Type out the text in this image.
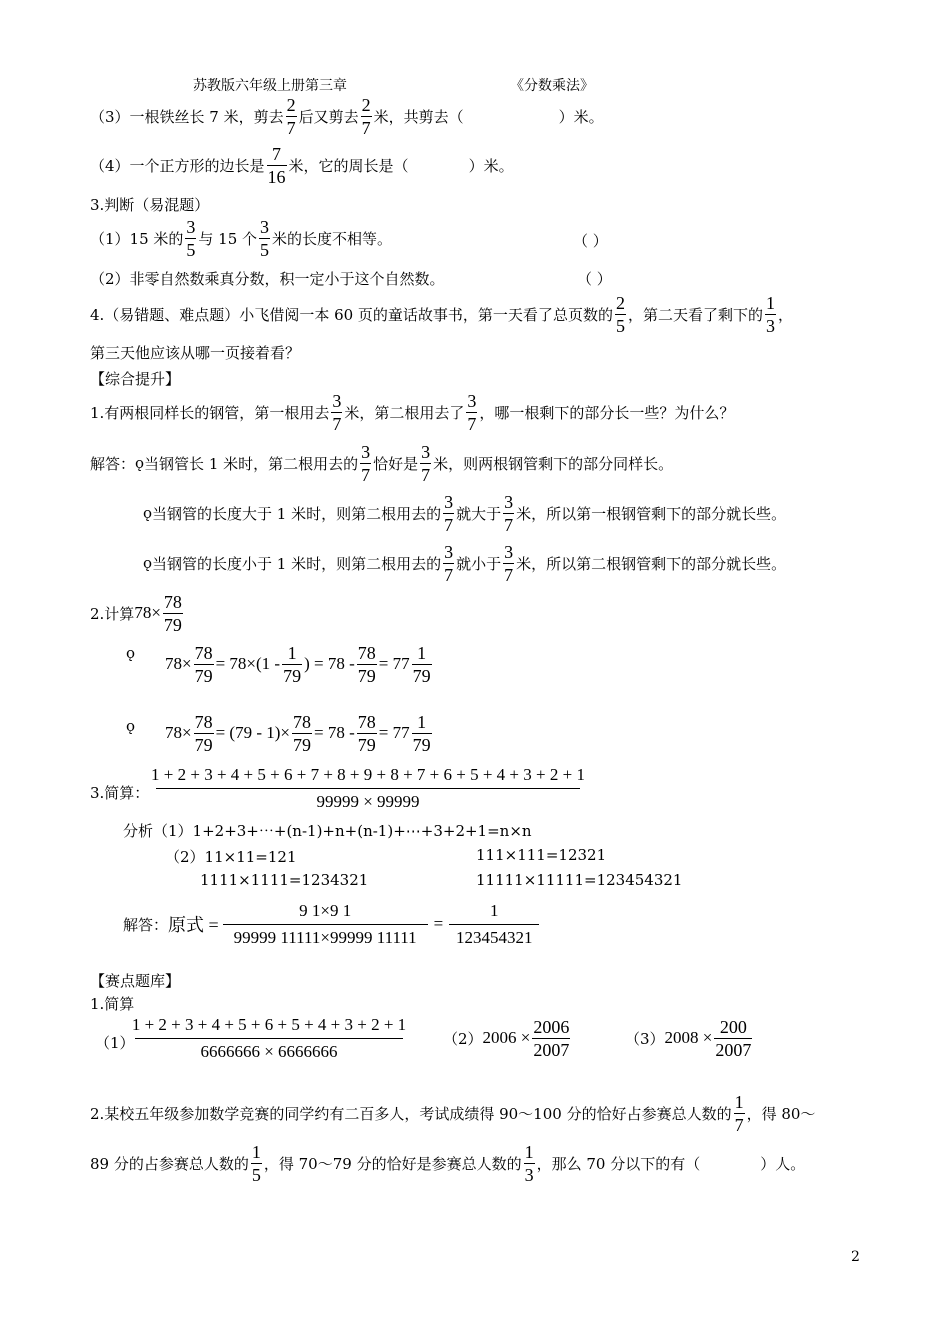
苏教版六年级上册第三章	《分数乘法》
（3）一根铁丝长 7 米，剪去 $\frac{2}{7}$ 后又剪去 $\frac{2}{7}$ 米，共剪去（	）米。
（4）一个正方形的边长是 $\frac{7}{16}$ 米，它的周长是（	）米。
3.判断（易混题）
（1）15 米的 $\frac{3}{5}$ 与 15 个 $\frac{3}{5}$ 米的长度不相等。	（ ）
（2）非零自然数乘真分数，积一定小于这个自然数。	（ ）
4.（易错题、难点题）小飞借阅一本 60 页的童话故事书，第一天看了总页数的 $\frac{2}{5}$ ，第二天看了剩下的 $\frac{1}{3}$ ，
第三天他应该从哪一页接着看？
【综合提升】
1.有两根同样长的钢管，第一根用去 $\frac{3}{7}$ 米，第二根用去了 $\frac{3}{7}$ ，哪一根剩下的部分长一些？为什么？
解答： ǫ 当钢管长 1 米时，第二根用去的 $\frac{3}{7}$ 恰好是 $\frac{3}{7}$ 米，则两根钢管剩下的部分同样长。
ǫ 当钢管的长度大于 1 米时，则第二根用去的 $\frac{3}{7}$ 就大于 $\frac{3}{7}$ 米，所以第一根钢管剩下的部分就长些。
ǫ 当钢管的长度小于 1 米时，则第二根用去的 $\frac{3}{7}$ 就小于 $\frac{3}{7}$ 米，所以第二根钢管剩下的部分就长些。
2.计算 $78\times \frac{78}{79}$
ǫ
$78\times \frac{78}{79} = 78\times(1 - \frac{1}{79}$ ) = $78 - \frac{78}{79} = 77 \frac{1}{79}$
ǫ $78\times \frac{78}{79} = (79 - 1)\times \frac{78}{79} = 78 - \frac{78}{79} = 77 \frac{1}{79}$
3.简算：
1 + 2 + 3 + 4 + 5 + 6 + 7 + 8 + 9 + 8 + 7 + 6 + 5 + 4 + 3 + 2 + 1
99999 × 99999
分析（1）1+2+3+⋯+(n-1)+n+(n-1)+⋯+3+2+1=n×n
（2）11×11=121	111×111=12321
1111×1111=1234321	11111×11111=123454321
解答： 原式 = $\frac{9 1\times 9 1}{99999 11111\times 99999 11111} = \frac{1}{123454321}$
【赛点题库】
1.简算
（1）
1 + 2 + 3 + 4 + 5 + 6 + 5 + 4 + 3 + 2 + 1
6666666 × 6666666
（2） $2006 \times \frac{2006}{2007}$	（3） $2008 \times \frac{200}{2007}$
2.某校五年级参加数学竞赛的同学约有二百多人，考试成绩得 90～100 分的恰好占参赛总人数的 $\frac{1}{7}$ ，得 80～
89 分的占参赛总人数的 $\frac{1}{5}$ ，得 70～79 分的恰好是参赛总人数的 $\frac{1}{3}$ ，那么 70 分以下的有（	）人。
2
